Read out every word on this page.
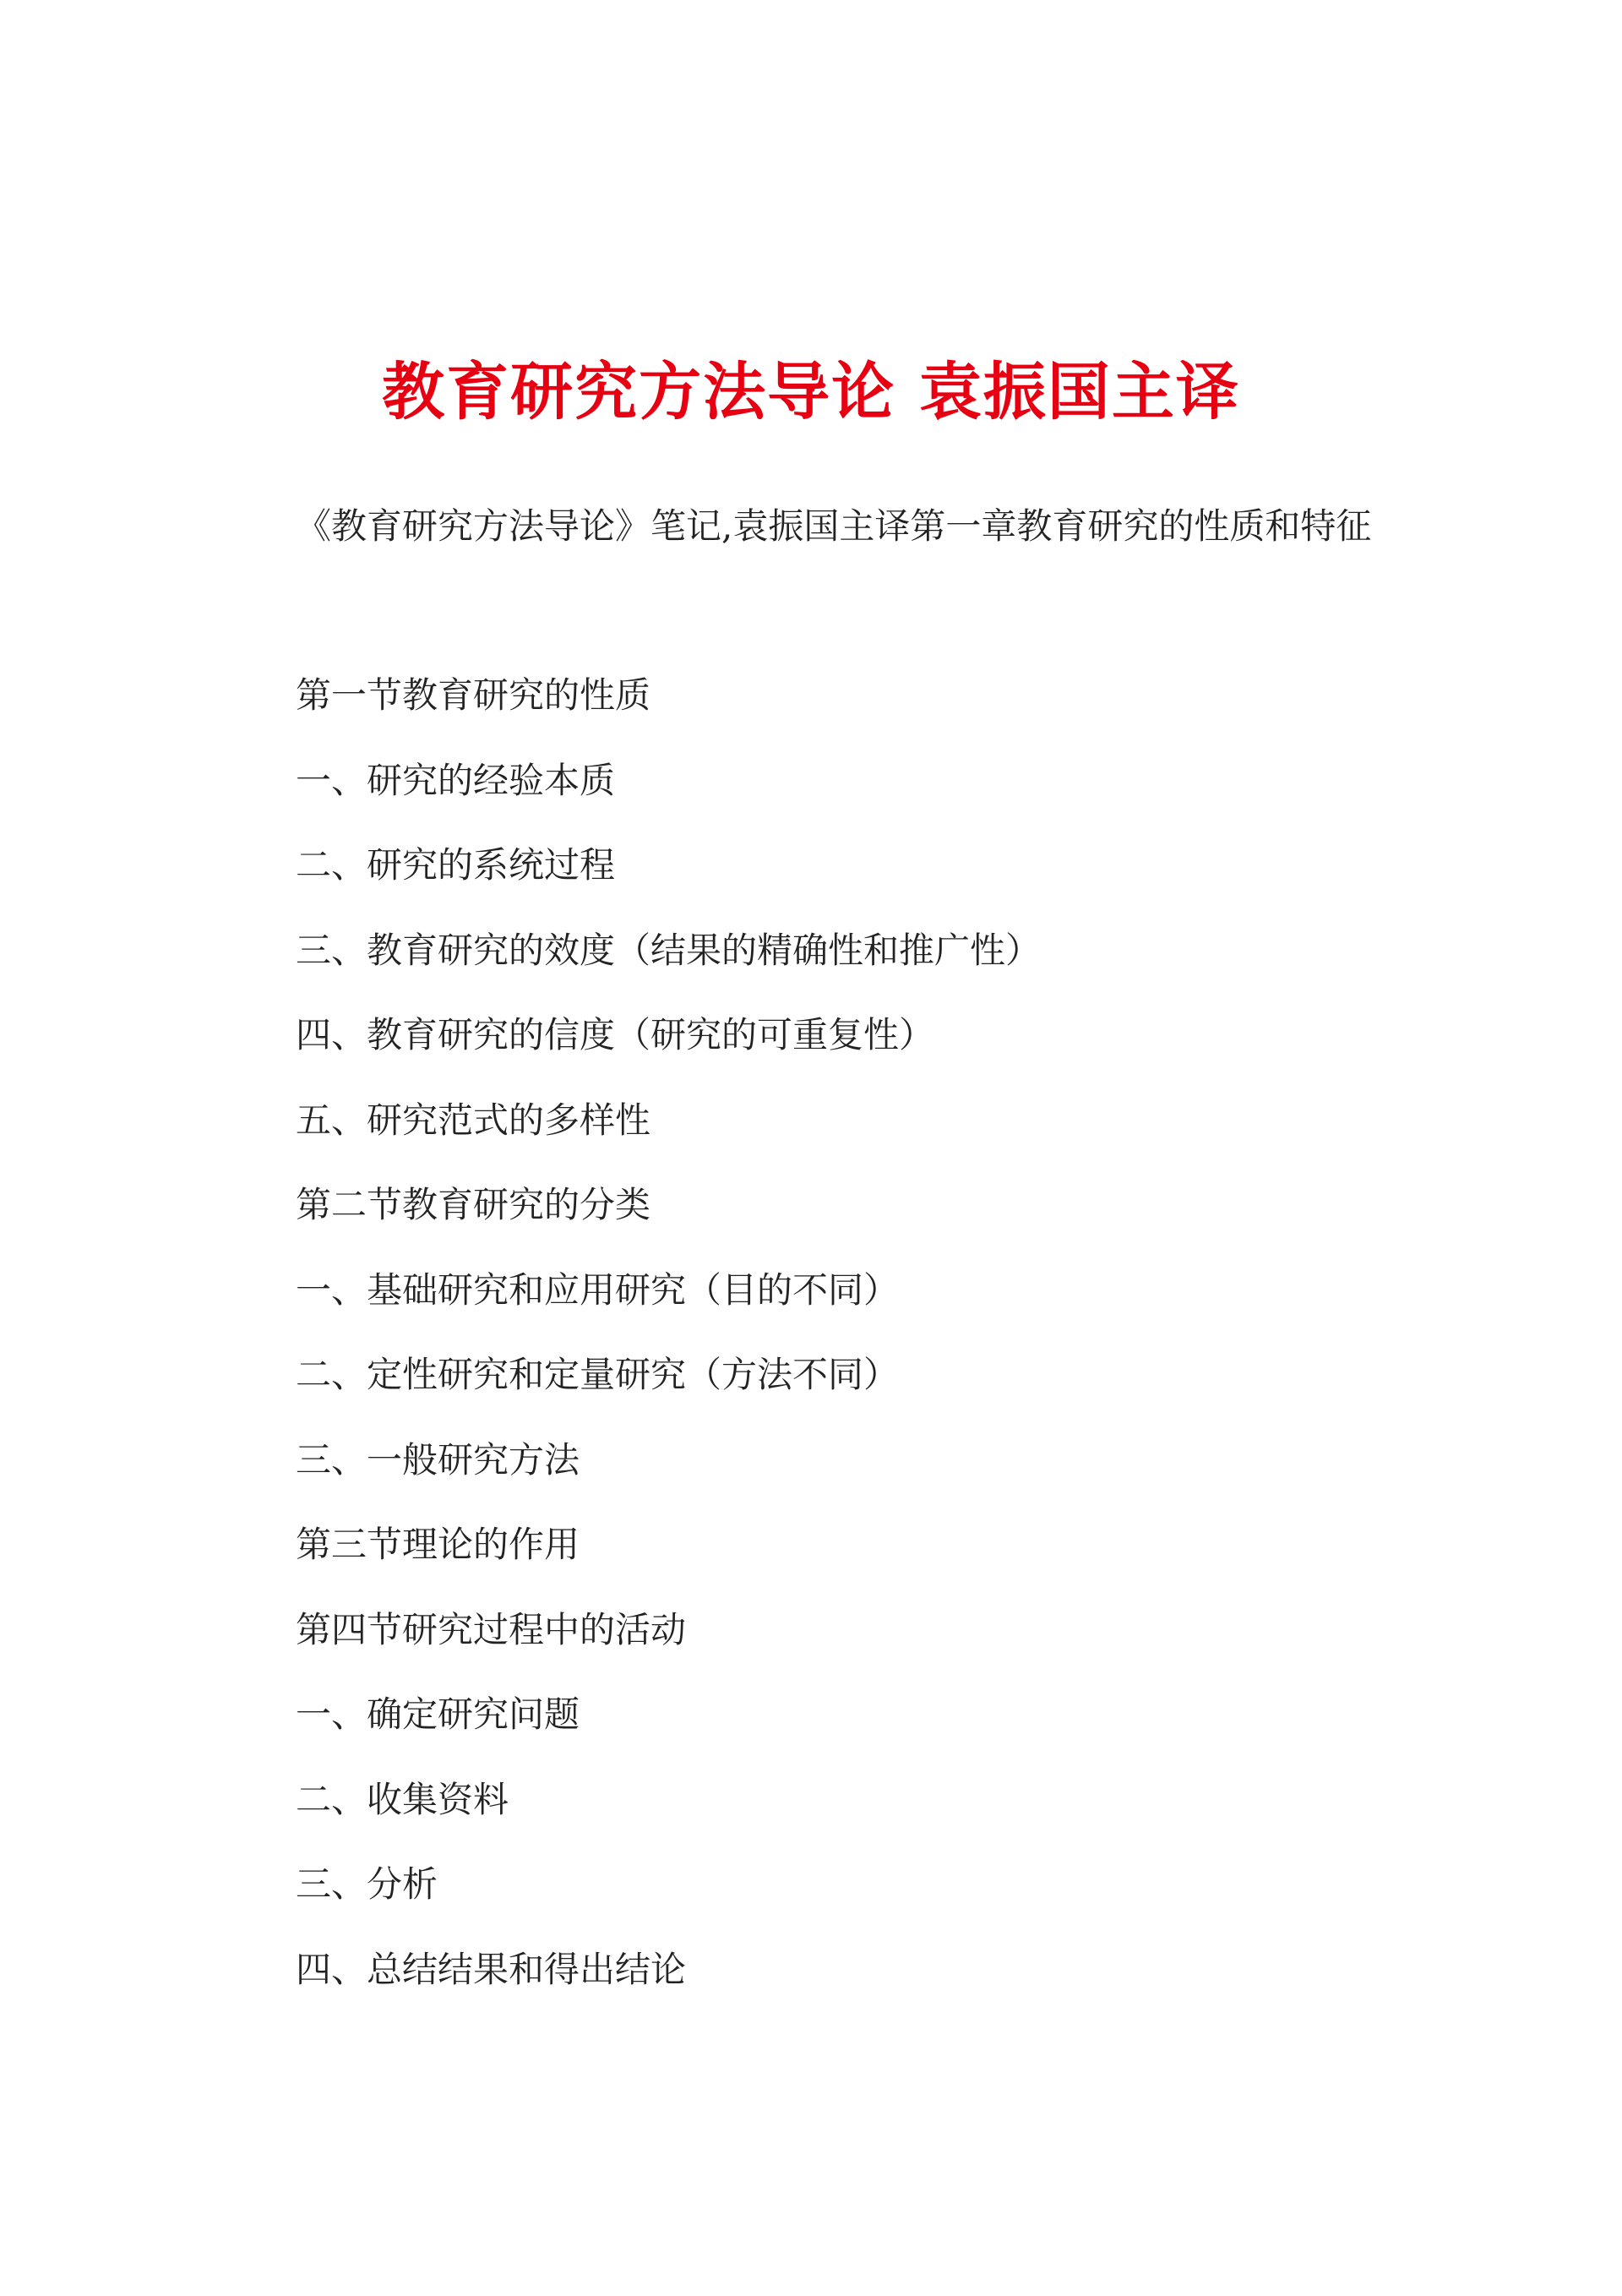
教育研究方法导论 袁振国主译

《教育研究方法导论》笔记,袁振国主译第一章教育研究的性质和特征

第一节教育研究的性质
一、研究的经验本质
二、研究的系统过程
三、教育研究的效度（结果的精确性和推广性）
四、教育研究的信度（研究的可重复性）
五、研究范式的多样性
第二节教育研究的分类
一、基础研究和应用研究（目的不同）
二、定性研究和定量研究（方法不同）
三、一般研究方法
第三节理论的作用
第四节研究过程中的活动
一、确定研究问题
二、收集资料
三、分析
四、总结结果和得出结论
